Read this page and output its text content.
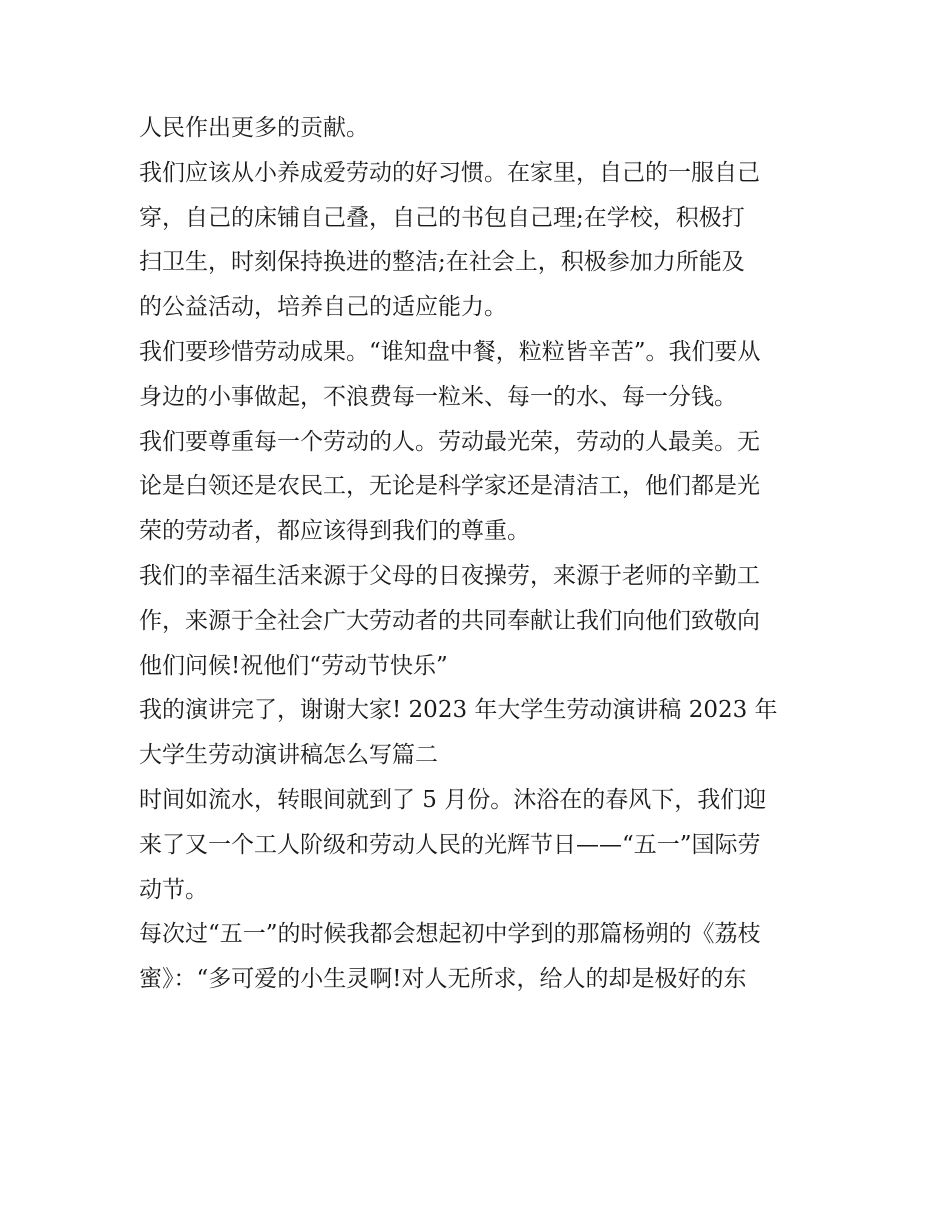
人民作出更多的贡献。
我们应该从小养成爱劳动的好习惯。在家里，自己的一服自己
穿，自己的床铺自己叠，自己的书包自己理;在学校，积极打
扫卫生，时刻保持换进的整洁;在社会上，积极参加力所能及
的公益活动，培养自己的适应能力。
我们要珍惜劳动成果。“谁知盘中餐，粒粒皆辛苦”。我们要从
身边的小事做起，不浪费每一粒米、每一的水、每一分钱。
我们要尊重每一个劳动的人。劳动最光荣，劳动的人最美。无
论是白领还是农民工，无论是科学家还是清洁工，他们都是光
荣的劳动者，都应该得到我们的尊重。
我们的幸福生活来源于父母的日夜操劳，来源于老师的辛勤工
作，来源于全社会广大劳动者的共同奉献让我们向他们致敬向
他们问候!祝他们“劳动节快乐”
我的演讲完了，谢谢大家! 2023 年大学生劳动演讲稿 2023 年
大学生劳动演讲稿怎么写篇二
时间如流水，转眼间就到了 5 月份。沐浴在的春风下，我们迎
来了又一个工人阶级和劳动人民的光辉节日——“五一”国际劳
动节。
每次过“五一”的时候我都会想起初中学到的那篇杨朔的《荔枝
蜜》：“多可爱的小生灵啊!对人无所求，给人的却是极好的东
